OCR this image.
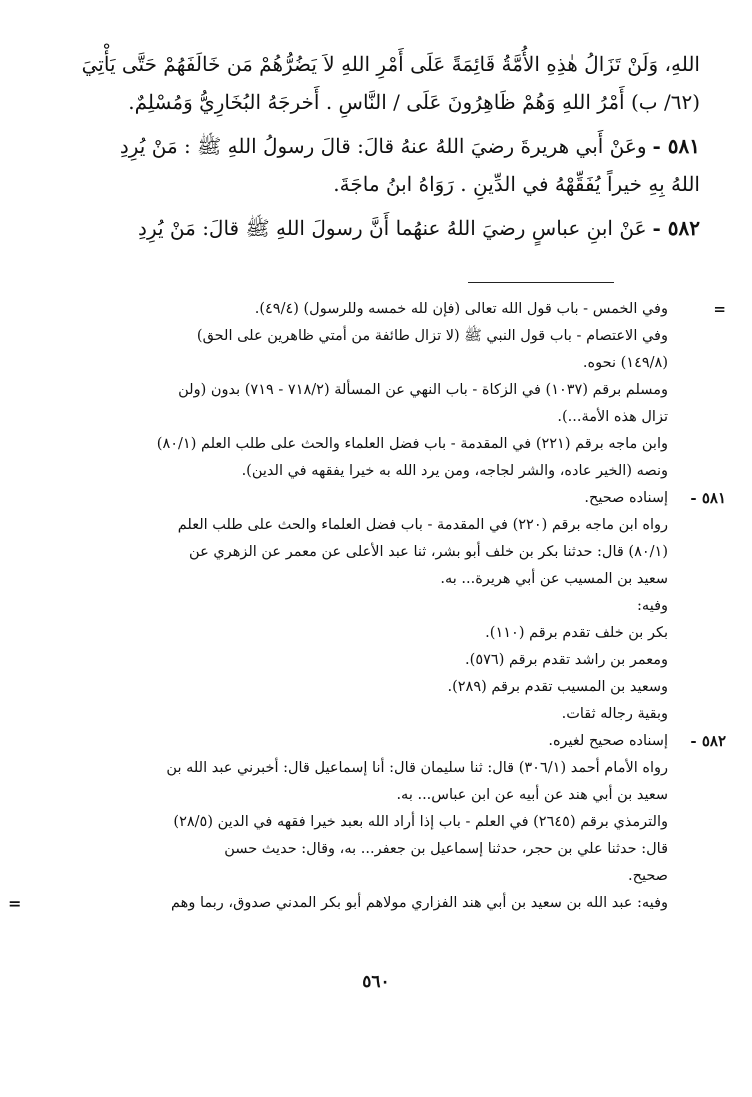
اللهِ، وَلَنْ تَزَالُ هٰذِهِ الأُمَّةُ قَائِمَةً عَلَى أَمْرِ اللهِ لاَ يَضُرُّهُمْ مَن خَالَفَهُمْ حَتَّى يَأْتِيَ
(٦٢/ ب) أَمْرُ اللهِ وَهُمْ ظَاهِرُونَ عَلَى / النَّاسِ . أَخرجَهُ البُخَارِيُّ وَمُسْلِمٌ.
٥٨١ -وعَنْ أَبي هريرةَ رضيَ اللهُ عنهُ قالَ: قالَ رسولُ اللهِ ﷺ : مَنْ يُرِدِ
اللهُ بِهِ خيراً يُفَقِّهْهُ في الدِّينِ . رَوَاهُ ابنُ ماجَةَ.
٥٨٢ -عَنْ ابنِ عباسٍ رضيَ اللهُ عنهُما أَنَّ رسولَ اللهِ ﷺ قالَ: مَنْ يُرِدِ
=
وفي الخمس - باب قول الله تعالى (فإن لله خمسه وللرسول) (٤٩/٤).
وفي الاعتصام - باب قول النبي ﷺ (لا تزال طائفة من أمتي ظاهرين على الحق)
(١٤٩/٨) نحوه.
ومسلم برقم (١٠٣٧) في الزكاة - باب النهي عن المسألة (٧١٨/٢ - ٧١٩) بدون (ولن
تزال هذه الأمة...).
وابن ماجه برقم (٢٢١) في المقدمة - باب فضل العلماء والحث على طلب العلم (٨٠/١)
ونصه (الخير عاده، والشر لجاجه، ومن يرد الله به خيرا يفقهه في الدين).
٥٨١ -
إسناده صحيح.
رواه ابن ماجه برقم (٢٢٠) في المقدمة - باب فضل العلماء والحث على طلب العلم
(٨٠/١) قال: حدثنا بكر بن خلف أبو بشر، ثنا عبد الأعلى عن معمر عن الزهري عن
سعيد بن المسيب عن أبي هريرة... به.
وفيه:
بكر بن خلف تقدم برقم (١١٠).
ومعمر بن راشد تقدم برقم (٥٧٦).
وسعيد بن المسيب تقدم برقم (٢٨٩).
وبقية رجاله ثقات.
٥٨٢ -
إسناده صحيح لغيره.
رواه الأمام أحمد (٣٠٦/١) قال: ثنا سليمان قال: أنا إسماعيل قال: أخبرني عبد الله بن
سعيد بن أبي هند عن أبيه عن ابن عباس... به.
والترمذي برقم (٢٦٤٥) في العلم - باب إذا أراد الله بعبد خيرا فقهه في الدين (٢٨/٥)
قال: حدثنا علي بن حجر، حدثنا إسماعيل بن جعفر... به، وقال: حديث حسن
صحيح.
وفيه: عبد الله بن سعيد بن أبي هند الفزاري مولاهم أبو بكر المدني صدوق، ربما وهم
=
٥٦٠
